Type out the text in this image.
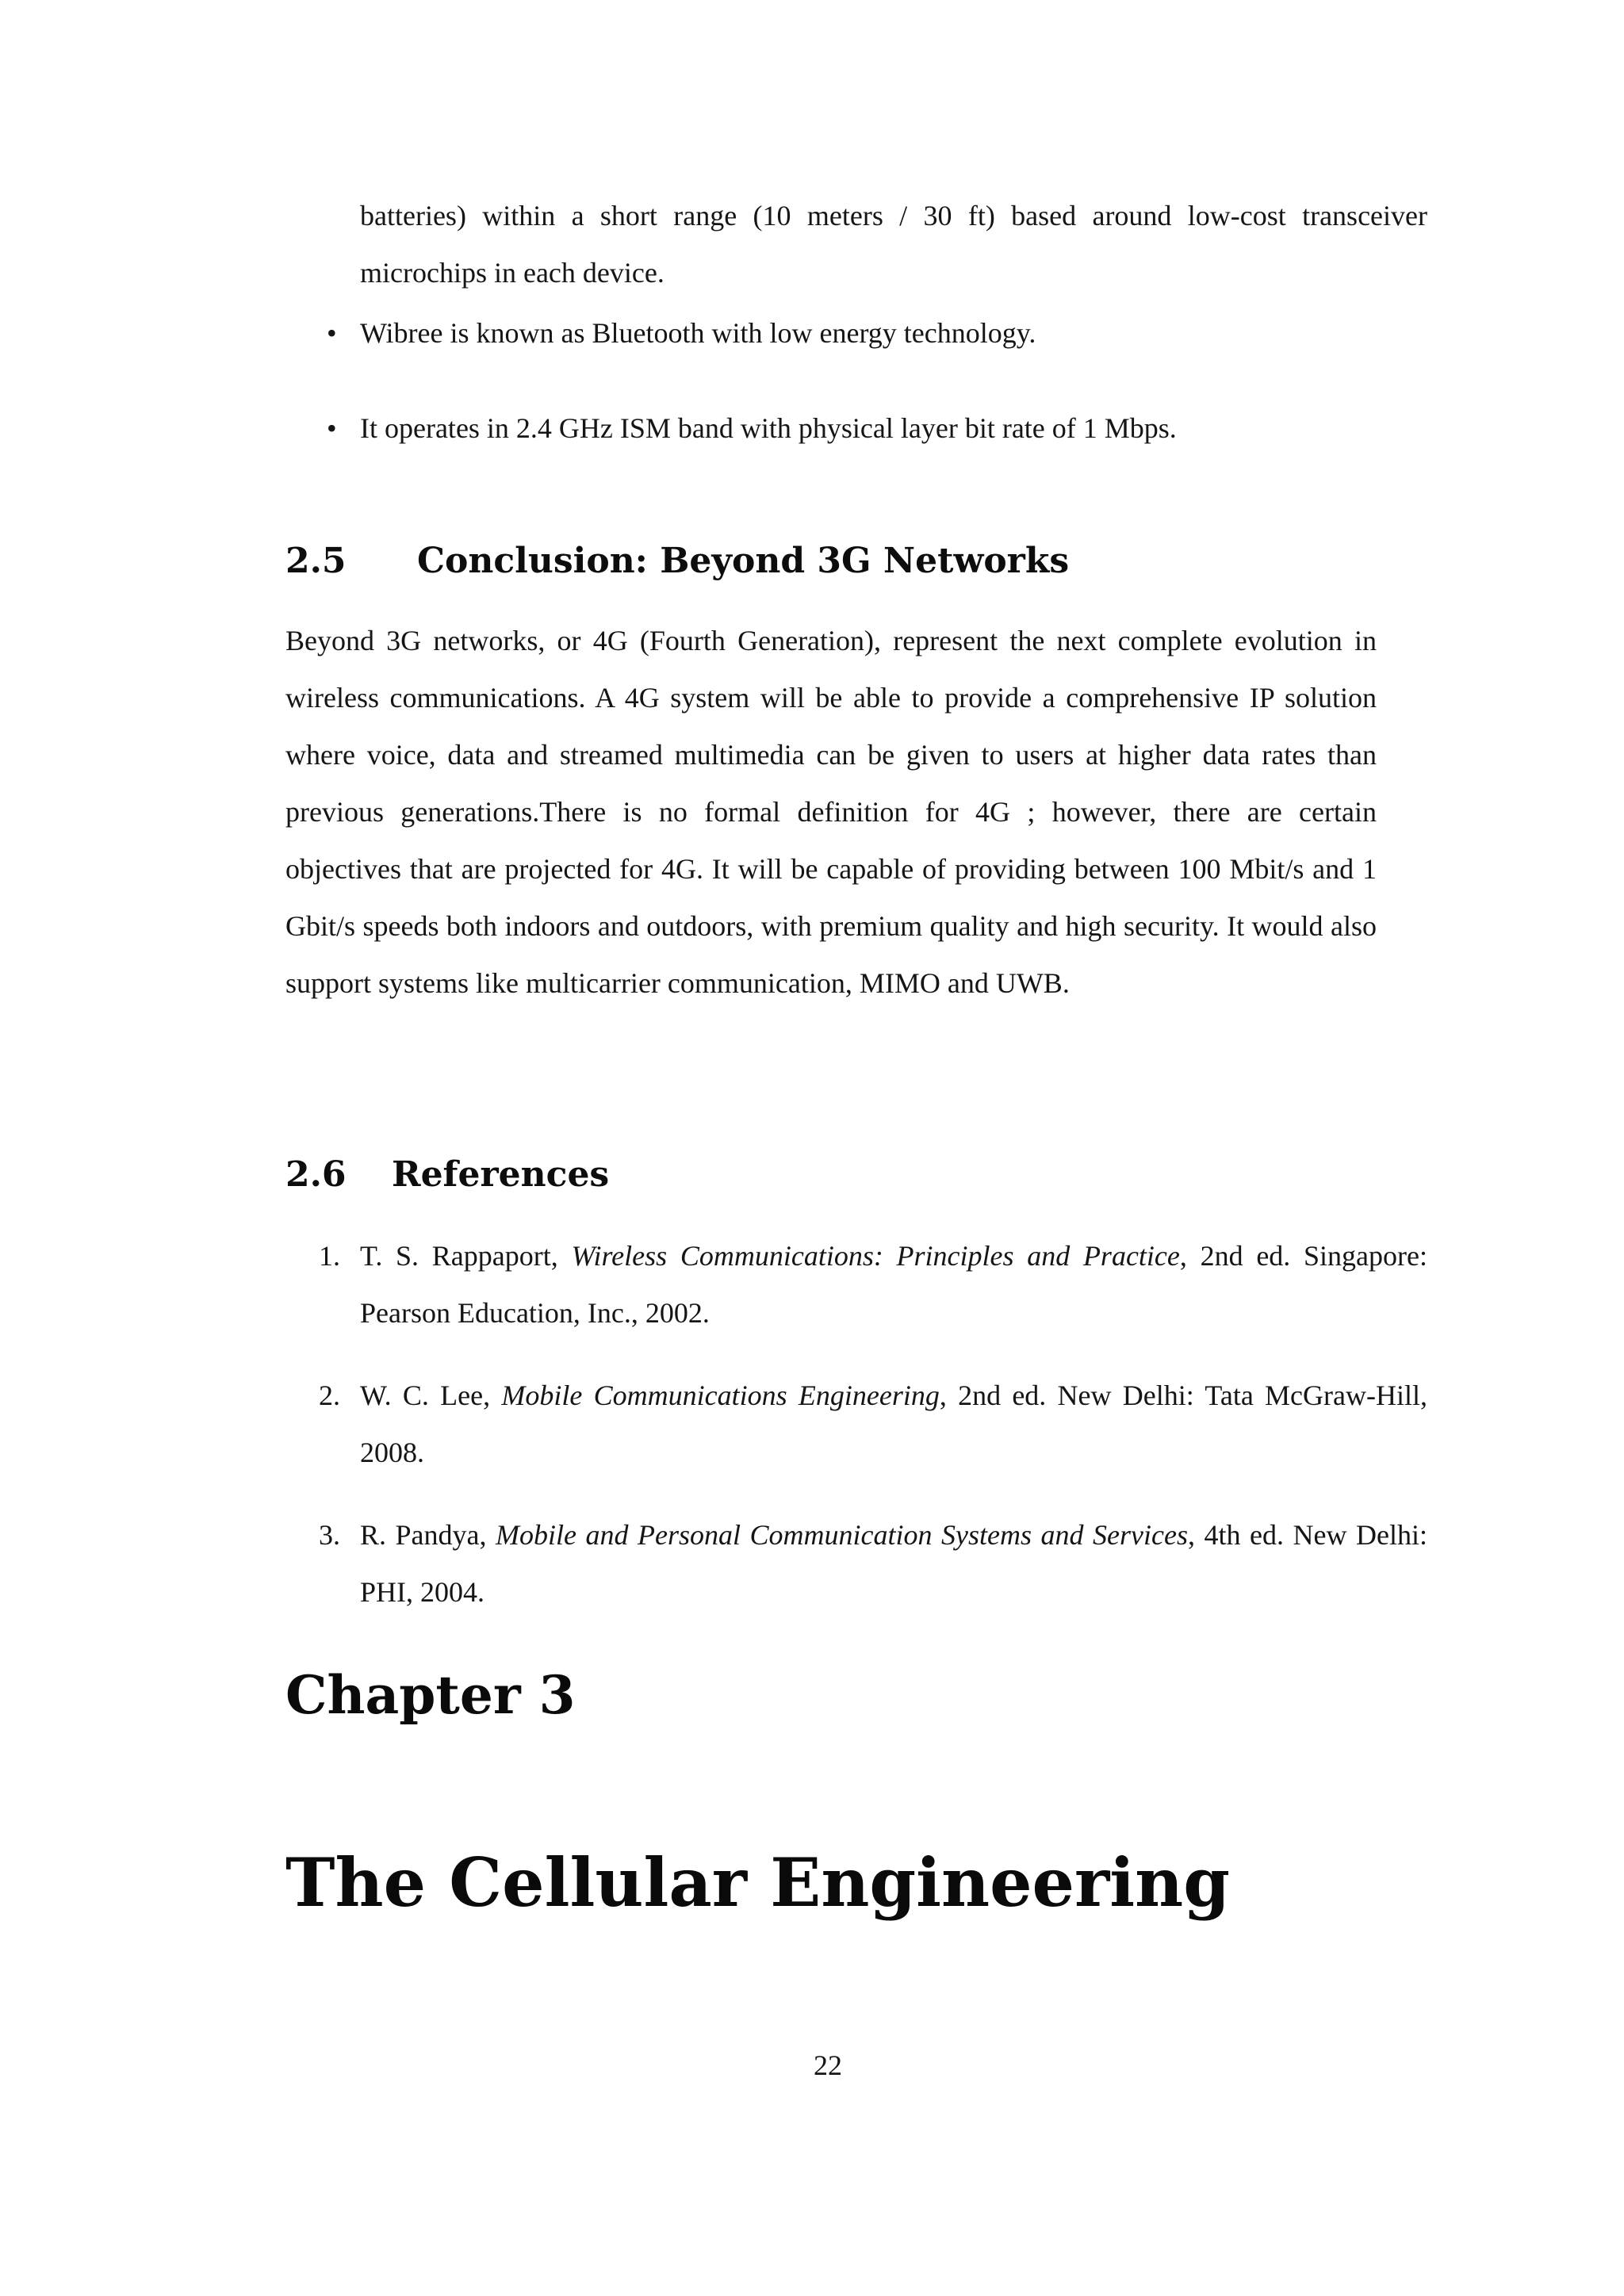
batteries) within a short range (10 meters / 30 ft) based around low-cost transceiver microchips in each device.
• Wibree is known as Bluetooth with low energy technology.
• It operates in 2.4 GHz ISM band with physical layer bit rate of 1 Mbps.
2.5 Conclusion: Beyond 3G Networks
Beyond 3G networks, or 4G (Fourth Generation), represent the next complete evolution in wireless communications. A 4G system will be able to provide a comprehensive IP solution where voice, data and streamed multimedia can be given to users at higher data rates than previous generations.There is no formal definition for 4G ; however, there are certain objectives that are projected for 4G. It will be capable of providing between 100 Mbit/s and 1 Gbit/s speeds both indoors and outdoors, with premium quality and high security. It would also support systems like multicarrier communication, MIMO and UWB.
2.6 References
1. T. S. Rappaport, Wireless Communications: Principles and Practice, 2nd ed. Singapore: Pearson Education, Inc., 2002.
2. W. C. Lee, Mobile Communications Engineering, 2nd ed. New Delhi: Tata McGraw-Hill, 2008.
3. R. Pandya, Mobile and Personal Communication Systems and Services, 4th ed. New Delhi: PHI, 2004.
Chapter 3
The Cellular Engineering
22
